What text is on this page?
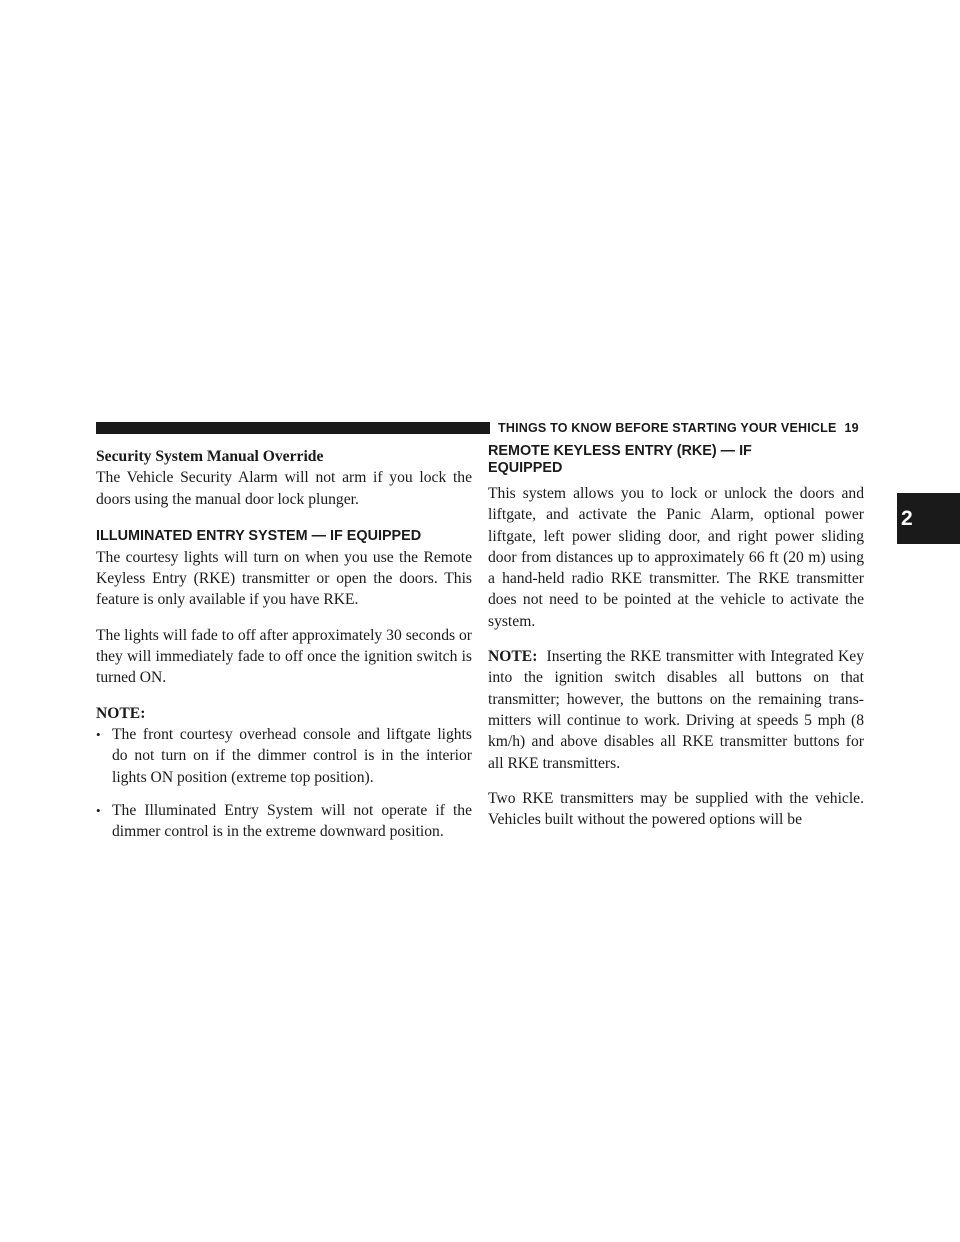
THINGS TO KNOW BEFORE STARTING YOUR VEHICLE 19
2

Security System Manual Override

The Vehicle Security Alarm will not arm if you lock the doors using the manual door lock plunger.

ILLUMINATED ENTRY SYSTEM — IF EQUIPPED

The courtesy lights will turn on when you use the Remote Keyless Entry (RKE) transmitter or open the doors. This feature is only available if you have RKE.

The lights will fade to off after approximately 30 seconds or they will immediately fade to off once the ignition switch is turned ON.

NOTE:

• The front courtesy overhead console and liftgate lights do not turn on if the dimmer control is in the interior lights ON position (extreme top position).
• The Illuminated Entry System will not operate if the dimmer control is in the extreme downward position.

REMOTE KEYLESS ENTRY (RKE) — IF
EQUIPPED

This system allows you to lock or unlock the doors and liftgate, and activate the Panic Alarm, optional power liftgate, left power sliding door, and right power sliding door from distances up to approximately 66 ft (20 m) using a hand-held radio RKE transmitter. The RKE transmitter does not need to be pointed at the vehicle to activate the system.

NOTE: Inserting the RKE transmitter with Integrated Key into the ignition switch disables all buttons on that transmitter; however, the buttons on the remaining trans-mitters will continue to work. Driving at speeds 5 mph (8 km/h) and above disables all RKE transmitter buttons for all RKE transmitters.

Two RKE transmitters may be supplied with the vehicle. Vehicles built without the powered options will be
